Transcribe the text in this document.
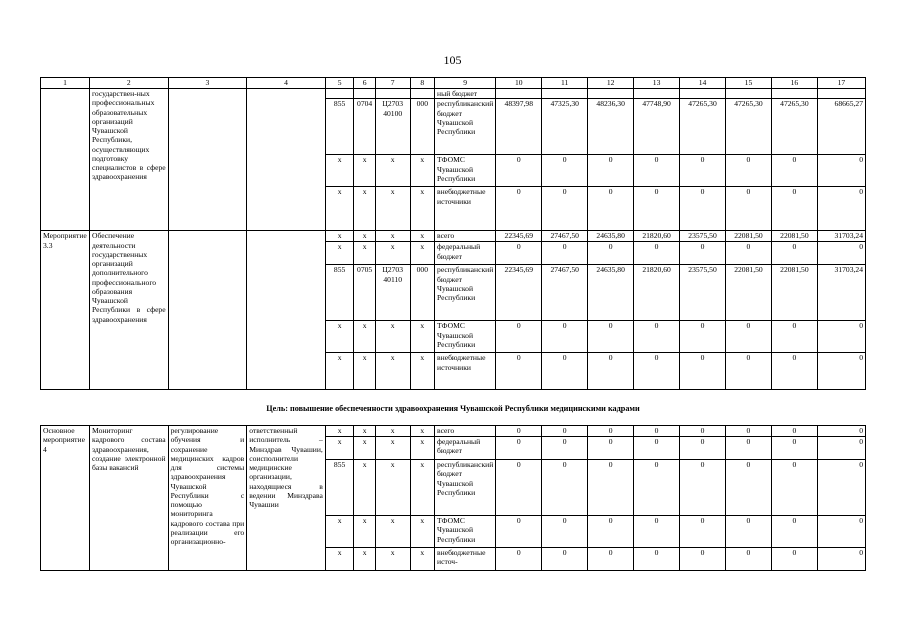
105
1	2	3	4	5	6	7	8	9	10	11	12	13	14	15	16	17
	государствен-ных профессиональных образовательных организаций Чувашской Республики, осуществляющих подготовку специалистов в сфере здравоохранения							ный бюджет								
				855	0704	Ц2703 40100	000	республиканский бюджет Чувашской Республики	48397,98	47325,30	48236,30	47748,90	47265,30	47265,30	47265,30	68665,27
				x	x	x	x	ТФОМС Чувашской Республики	0	0	0	0	0	0	0	0
				x	x	x	x	внебюджетные источники	0	0	0	0	0	0	0	0
Мероприятие 3.3	Обеспечение деятельности государственных организаций дополнительного профессионального образования Чувашской Республики в сфере здравоохранения			x	x	x	x	всего	22345,69	27467,50	24635,80	21820,60	23575,50	22081,50	22081,50	31703,24
				x	x	x	x	федеральный бюджет	0	0	0	0	0	0	0	0
				855	0705	Ц2703 40110	000	республиканский бюджет Чувашской Республики	22345,69	27467,50	24635,80	21820,60	23575,50	22081,50	22081,50	31703,24
				x	x	x	x	ТФОМС Чувашской Республики	0	0	0	0	0	0	0	0
				x	x	x	x	внебюджетные источники	0	0	0	0	0	0	0	0
Цель: повышение обеспеченности здравоохранения Чувашской Республики медицинскими кадрами
Основное мероприятие 4	Мониторинг кадрового состава здравоохранения, создание электронной базы вакансий	регулирование обучения и сохранение медицинских кадров для системы здравоохранения Чувашской Республики с помощью мониторинга кадрового состава при реализации его организационно-	ответственный исполнитель – Минздрав Чувашии, соисполнители медицинские организации, находящиеся в ведении Минздрава Чувашии	x	x	x	x	всего	0	0	0	0	0	0	0	0
				x	x	x	x	федеральный бюджет	0	0	0	0	0	0	0	0
				855	x	x	x	республиканский бюджет Чувашской Республики	0	0	0	0	0	0	0	0
				x	x	x	x	ТФОМС Чувашской Республики	0	0	0	0	0	0	0	0
				x	x	x	x	внебюджетные источ-	0	0	0	0	0	0	0	0
